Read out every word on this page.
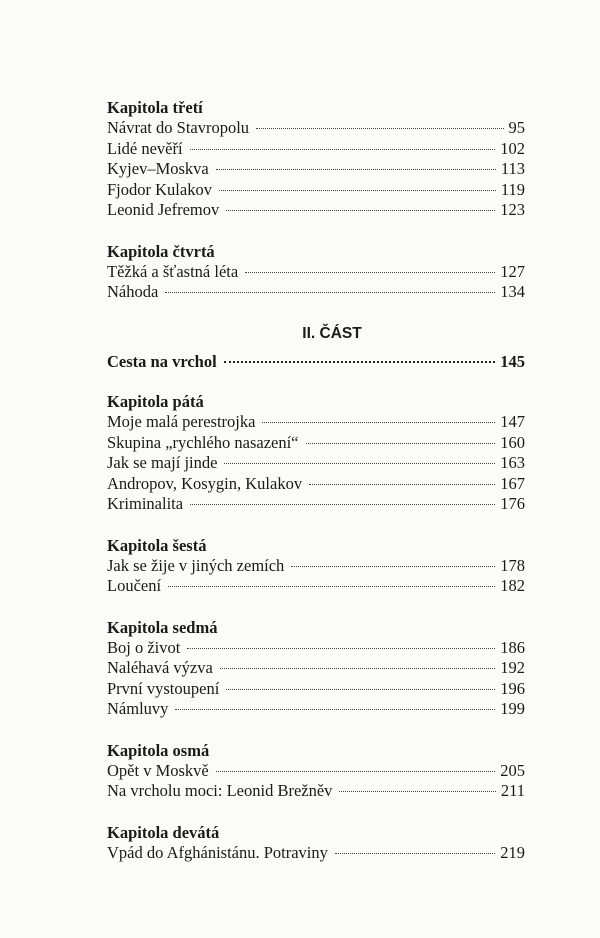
Kapitola třetí
Návrat do Stavropolu	95
Lidé nevěří	102
Kyjev–Moskva	113
Fjodor Kulakov	119
Leonid Jefremov	123
Kapitola čtvrtá
Těžká a šťastná léta	127
Náhoda	134
II. ČÁST
Cesta na vrchol	145
Kapitola pátá
Moje malá perestrojka	147
Skupina „rychlého nasazení“	160
Jak se mají jinde	163
Andropov, Kosygin, Kulakov	167
Kriminalita	176
Kapitola šestá
Jak se žije v jiných zemích	178
Loučení	182
Kapitola sedmá
Boj o život	186
Naléhavá výzva	192
První vystoupení	196
Námluvy	199
Kapitola osmá
Opět v Moskvě	205
Na vrcholu moci: Leonid Brežněv	211
Kapitola devátá
Vpád do Afghánistánu. Potraviny	219
